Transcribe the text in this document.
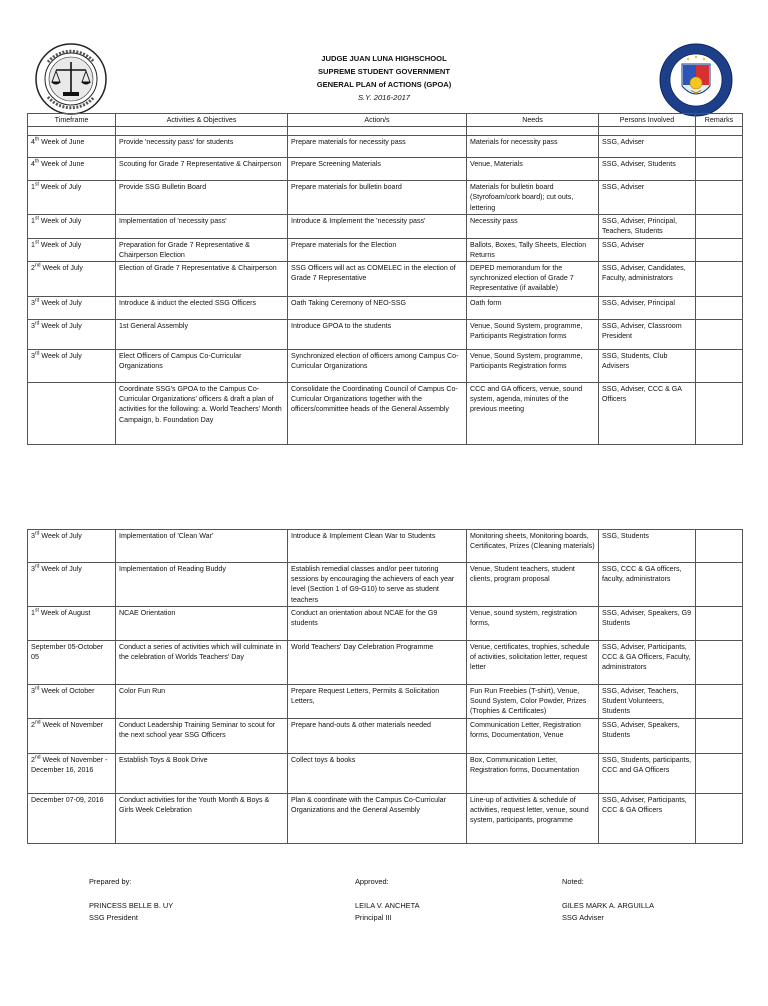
JUDGE JUAN LUNA HIGHSCHOOL
SUPREME STUDENT GOVERNMENT
GENERAL PLAN of ACTIONS (GPOA)
S.Y. 2016-2017
Timeframe	Activities & Objectives	Action/s	Needs	Persons Involved	Remarks

4th Week of June	Provide 'necessity pass' for students	Prepare materials for necessity pass	Materials for necessity pass	SSG, Adviser	
4th Week of June	Scouting for Grade 7 Representative & Chairperson	Prepare Screening Materials	Venue, Materials	SSG, Adviser, Students	
1st Week of July	Provide SSG Bulletin Board	Prepare materials for bulletin board	Materials for bulletin board (Styrofoam/cork board); cut outs, lettering	SSG, Adviser	
1st Week of July	Implementation of 'necessity pass'	Introduce & Implement the 'necessity pass'	Necessity pass	SSG, Adviser, Principal, Teachers, Students	
1st Week of July	Preparation for Grade 7 Representative & Chairperson Election	Prepare materials for the Election	Ballots, Boxes, Tally Sheets, Election Returns	SSG, Adviser	
2nd Week of July	Election of Grade 7 Representative & Chairperson	SSG Officers will act as COMELEC in the election of Grade 7 Representative	DEPED memorandum for the synchronized election of Grade 7 Representative (if available)	SSG, Adviser, Candidates, Faculty, administrators	
3rd Week of July	Introduce & induct the elected SSG Officers	Oath Taking Ceremony of NEO-SSG	Oath form	SSG, Adviser, Principal	
3rd Week of July	1st General Assembly	Introduce GPOA to the students	Venue, Sound System, programme, Participants Registration forms	SSG, Adviser, Classroom President	
3rd Week of July	Elect Officers of Campus Co-Curricular Organizations	Synchronized election of officers among Campus Co-Curricular Organizations	Venue, Sound System, programme, Participants Registration forms	SSG, Students, Club Advisers	
	Coordinate SSG's GPOA to the Campus Co-Curricular Organizations' officers & draft a plan of activities for the following: a. World Teachers' Month Campaign, b. Foundation Day	Consolidate the Coordinating Council of Campus Co-Curricular Organizations together with the officers/committee heads of the General Assembly	CCC and GA officers, venue, sound system, agenda, minutes of the previous meeting	SSG, Adviser, CCC & GA Officers	
3rd Week of July	Implementation of 'Clean War'	Introduce & Implement Clean War to Students	Monitoring sheets, Monitoring boards, Certificates, Prizes (Cleaning materials)	SSG, Students	
3rd Week of July	Implementation of Reading Buddy	Establish remedial classes and/or peer tutoring sessions by encouraging the achievers of each year level (Section 1 of G9-G10) to serve as student teachers	Venue, Student teachers, student clients, program proposal	SSG, CCC & GA officers, faculty, administrators	
1st Week of August	NCAE Orientation	Conduct an orientation about NCAE for the G9 students	Venue, sound system, registration forms,	SSG, Adviser, Speakers, G9 Students	
September 05-October 05	Conduct a series of activities which will culminate in the celebration of Worlds Teachers' Day	World Teachers' Day Celebration Programme	Venue, certificates, trophies, schedule of activities, solicitation letter, request letter	SSG, Adviser, Participants, CCC & GA Officers, Faculty, administrators	
3rd Week of October	Color Fun Run	Prepare Request Letters, Permits & Solicitation Letters,	Fun Run Freebies (T-shirt), Venue, Sound System, Color Powder, Prizes (Trophies & Certificates)	SSG, Adviser, Teachers, Student Volunteers, Students	
2nd Week of November	Conduct Leadership Training Seminar to scout for the next school year SSG Officers	Prepare hand-outs & other materials needed	Communication Letter, Registration forms, Documentation, Venue	SSG, Adviser, Speakers, Students	
2nd Week of November - December 16, 2016	Establish Toys & Book Drive	Collect toys & books	Box, Communication Letter, Registration forms, Documentation	SSG, Students, participants, CCC and GA Officers	
December 07-09, 2016	Conduct activities for the Youth Month & Boys & Girls Week Celebration	Plan & coordinate with the Campus Co-Curricular Organizations and the General Assembly	Line-up of activities & schedule of activities, request letter, venue, sound system, participants, programme	SSG, Adviser, Participants, CCC & GA Officers	
Prepared by:
PRINCESS BELLE B. UY
SSG President
Approved:
LEILA V. ANCHETA
Principal III
Noted:
GILES MARK A. ARGUILLA
SSG Adviser
